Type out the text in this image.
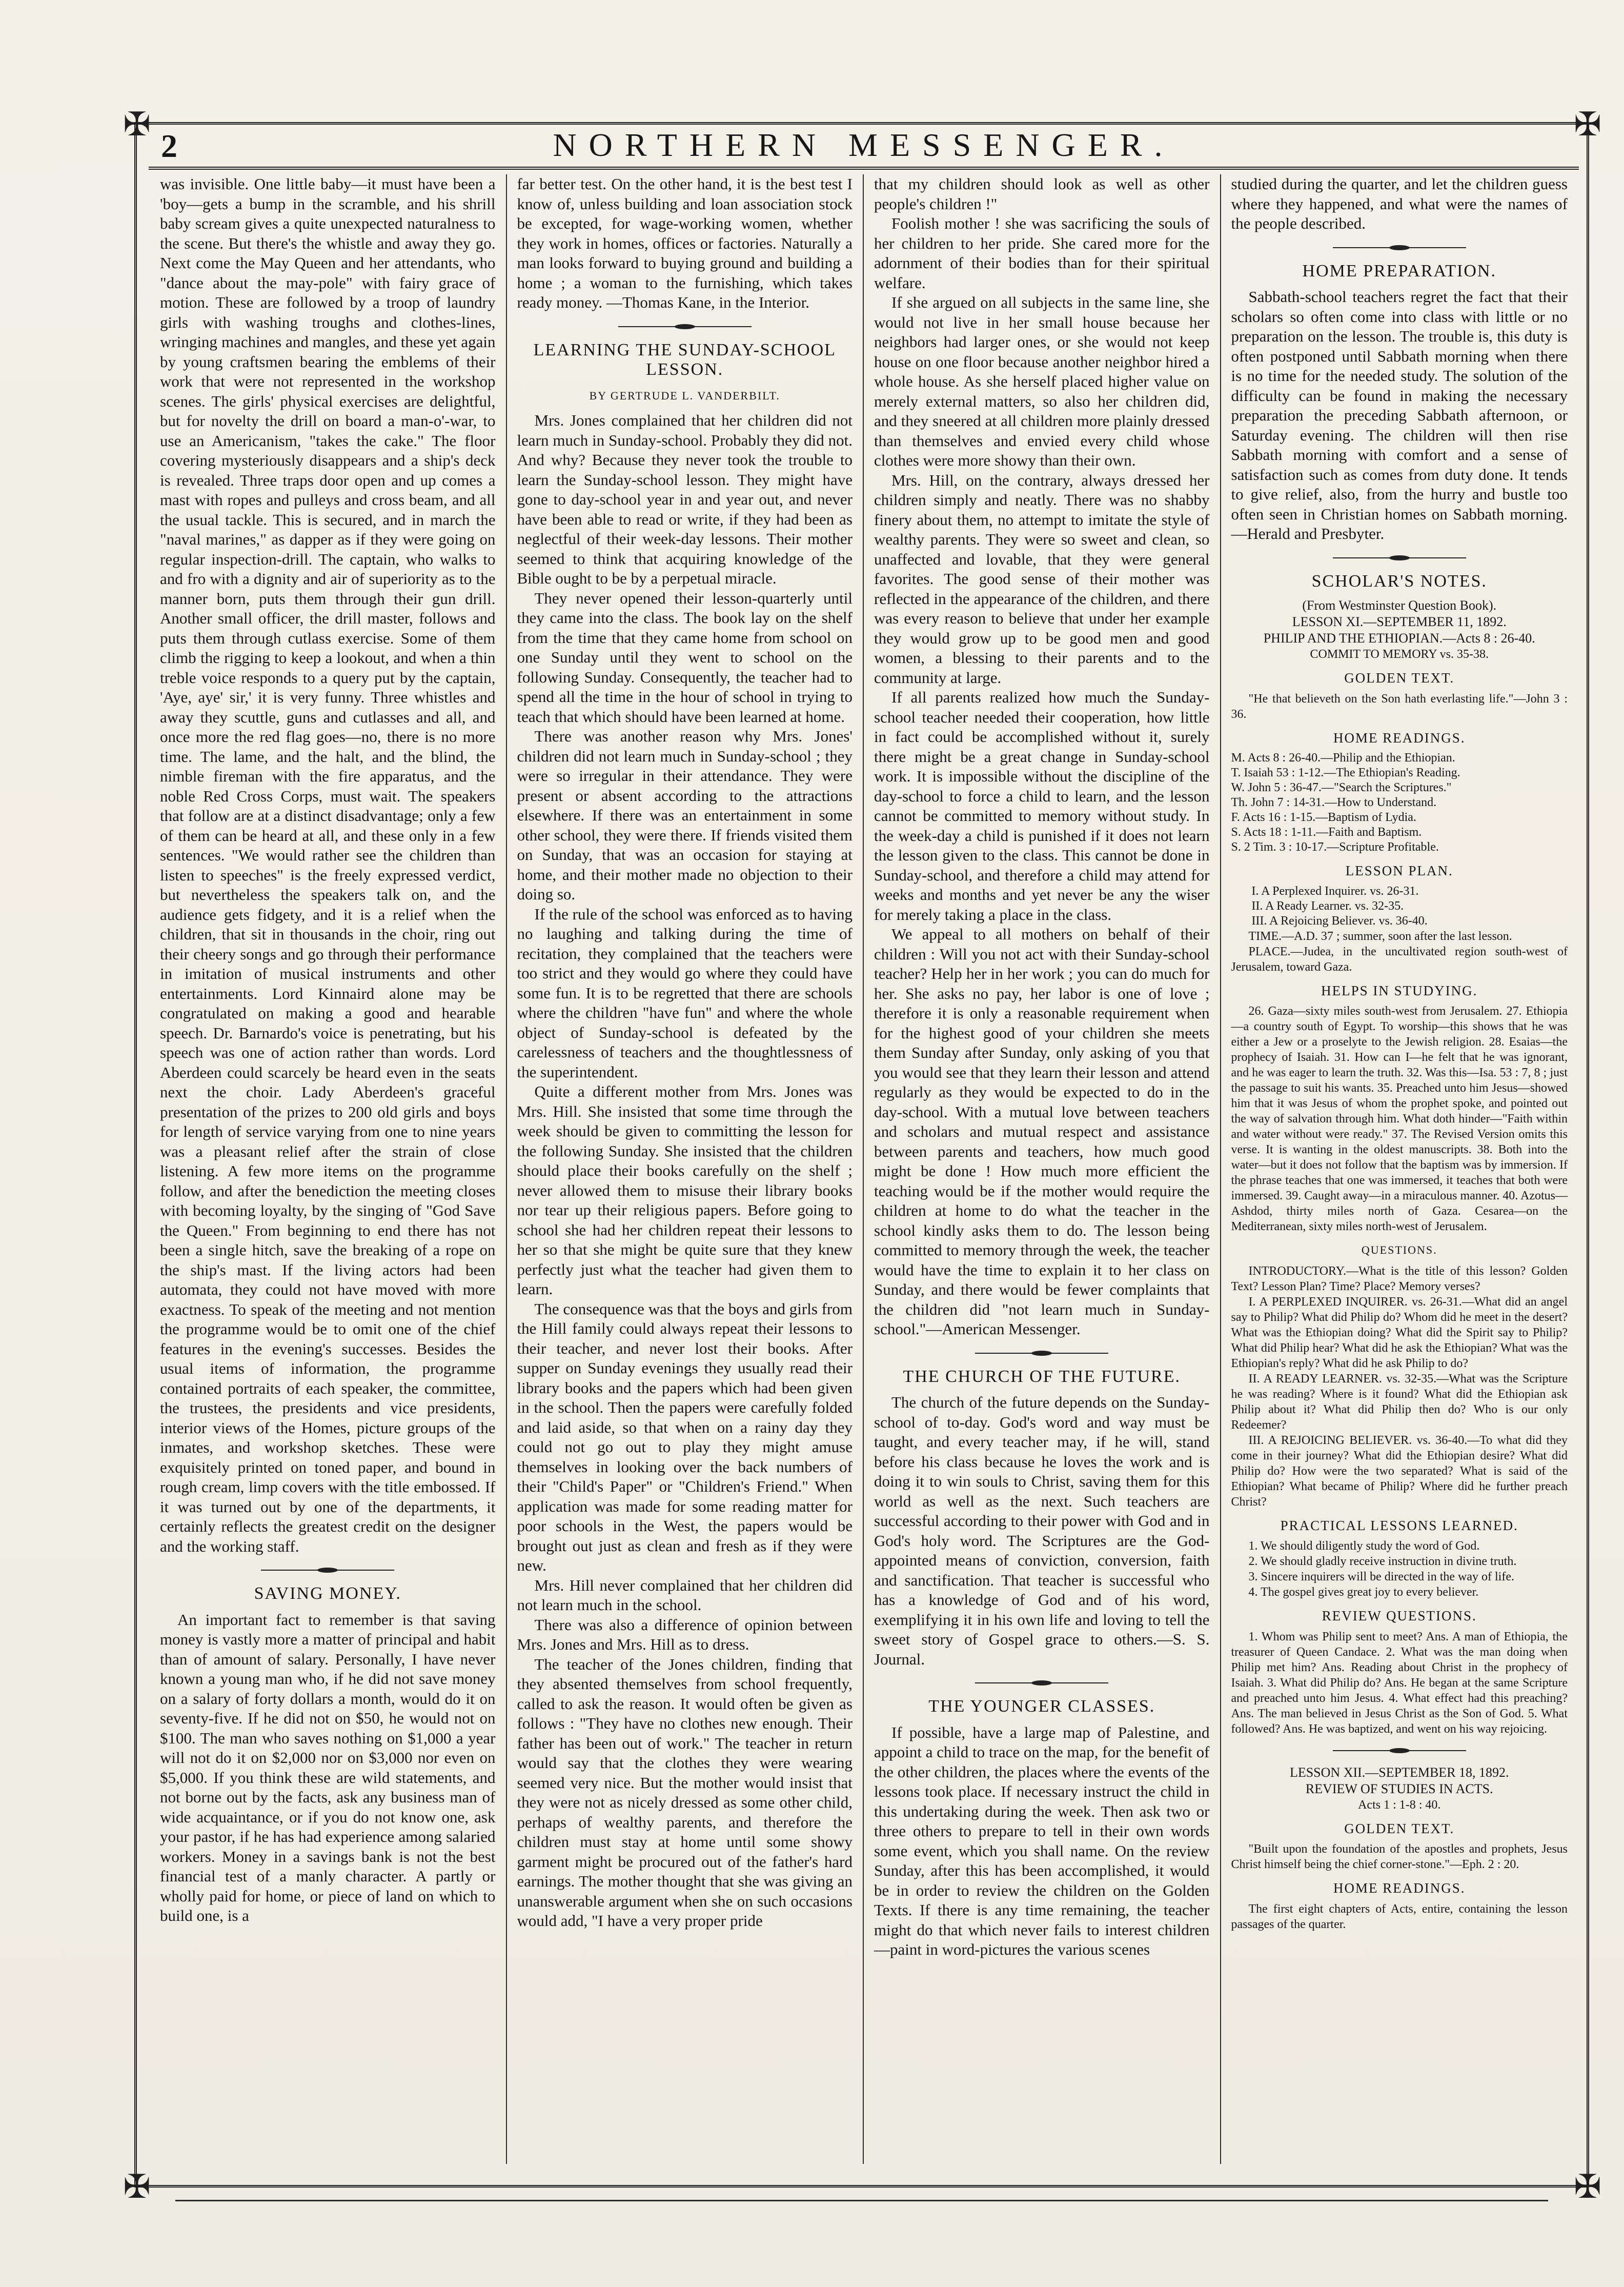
✠	✠
✠	✠
2	NORTHERN MESSENGER.

was invisible. One little baby—it must have been a 'boy—gets a bump in the scramble, and his shrill baby scream gives a quite unexpected naturalness to the scene. But there's the whistle and away they go. Next come the May Queen and her attendants, who "dance about the may-pole" with fairy grace of motion. These are followed by a troop of laundry girls with washing troughs and clothes-lines, wringing machines and mangles, and these yet again by young craftsmen bearing the emblems of their work that were not represented in the workshop scenes. The girls' physical exercises are delightful, but for novelty the drill on board a man-o'-war, to use an Americanism, "takes the cake." The floor covering mysteriously disappears and a ship's deck is revealed. Three traps door open and up comes a mast with ropes and pulleys and cross beam, and all the usual tackle. This is secured, and in march the "naval marines," as dapper as if they were going on regular inspection-drill. The captain, who walks to and fro with a dignity and air of superiority as to the manner born, puts them through their gun drill. Another small officer, the drill master, follows and puts them through cutlass exercise. Some of them climb the rigging to keep a lookout, and when a thin treble voice responds to a query put by the captain, 'Aye, aye' sir,' it is very funny. Three whistles and away they scuttle, guns and cutlasses and all, and once more the red flag goes—no, there is no more time. The lame, and the halt, and the blind, the nimble fireman with the fire apparatus, and the noble Red Cross Corps, must wait. The speakers that follow are at a distinct disadvantage; only a few of them can be heard at all, and these only in a few sentences. "We would rather see the children than listen to speeches" is the freely expressed verdict, but nevertheless the speakers talk on, and the audience gets fidgety, and it is a relief when the children, that sit in thousands in the choir, ring out their cheery songs and go through their performance in imitation of musical instruments and other entertainments. Lord Kinnaird alone may be congratulated on making a good and hearable speech. Dr. Barnardo's voice is penetrating, but his speech was one of action rather than words. Lord Aberdeen could scarcely be heard even in the seats next the choir. Lady Aberdeen's graceful presentation of the prizes to 200 old girls and boys for length of service varying from one to nine years was a pleasant relief after the strain of close listening. A few more items on the programme follow, and after the benediction the meeting closes with becoming loyalty, by the singing of "God Save the Queen." From beginning to end there has not been a single hitch, save the breaking of a rope on the ship's mast. If the living actors had been automata, they could not have moved with more exactness. To speak of the meeting and not mention the programme would be to omit one of the chief features in the evening's successes. Besides the usual items of information, the programme contained portraits of each speaker, the committee, the trustees, the presidents and vice presidents, interior views of the Homes, picture groups of the inmates, and workshop sketches. These were exquisitely printed on toned paper, and bound in rough cream, limp covers with the title embossed. If it was turned out by one of the departments, it certainly reflects the greatest credit on the designer and the working staff.

SAVING MONEY.

An important fact to remember is that saving money is vastly more a matter of principal and habit than of amount of salary. Personally, I have never known a young man who, if he did not save money on a salary of forty dollars a month, would do it on seventy-five. If he did not on $50, he would not on $100. The man who saves nothing on $1,000 a year will not do it on $2,000 nor on $3,000 nor even on $5,000. If you think these are wild statements, and not borne out by the facts, ask any business man of wide acquaintance, or if you do not know one, ask your pastor, if he has had experience among salaried workers. Money in a savings bank is not the best financial test of a manly character. A partly or wholly paid for home, or piece of land on which to build one, is a

far better test. On the other hand, it is the best test I know of, unless building and loan association stock be excepted, for wage-working women, whether they work in homes, offices or factories. Naturally a man looks forward to buying ground and building a home ; a woman to the furnishing, which takes ready money. —Thomas Kane, in the Interior.

LEARNING THE SUNDAY-SCHOOL LESSON.
BY GERTRUDE L. VANDERBILT.

Mrs. Jones complained that her children did not learn much in Sunday-school. Probably they did not. And why? Because they never took the trouble to learn the Sunday-school lesson. They might have gone to day-school year in and year out, and never have been able to read or write, if they had been as neglectful of their week-day lessons. Their mother seemed to think that acquiring knowledge of the Bible ought to be by a perpetual miracle.

They never opened their lesson-quarterly until they came into the class. The book lay on the shelf from the time that they came home from school on one Sunday until they went to school on the following Sunday. Consequently, the teacher had to spend all the time in the hour of school in trying to teach that which should have been learned at home.

There was another reason why Mrs. Jones' children did not learn much in Sunday-school ; they were so irregular in their attendance. They were present or absent according to the attractions elsewhere. If there was an entertainment in some other school, they were there. If friends visited them on Sunday, that was an occasion for staying at home, and their mother made no objection to their doing so.

If the rule of the school was enforced as to having no laughing and talking during the time of recitation, they complained that the teachers were too strict and they would go where they could have some fun. It is to be regretted that there are schools where the children "have fun" and where the whole object of Sunday-school is defeated by the carelessness of teachers and the thoughtlessness of the superintendent.

Quite a different mother from Mrs. Jones was Mrs. Hill. She insisted that some time through the week should be given to committing the lesson for the following Sunday. She insisted that the children should place their books carefully on the shelf ; never allowed them to misuse their library books nor tear up their religious papers. Before going to school she had her children repeat their lessons to her so that she might be quite sure that they knew perfectly just what the teacher had given them to learn.

The consequence was that the boys and girls from the Hill family could always repeat their lessons to their teacher, and never lost their books. After supper on Sunday evenings they usually read their library books and the papers which had been given in the school. Then the papers were carefully folded and laid aside, so that when on a rainy day they could not go out to play they might amuse themselves in looking over the back numbers of their "Child's Paper" or "Children's Friend." When application was made for some reading matter for poor schools in the West, the papers would be brought out just as clean and fresh as if they were new.

Mrs. Hill never complained that her children did not learn much in the school.

There was also a difference of opinion between Mrs. Jones and Mrs. Hill as to dress.

The teacher of the Jones children, finding that they absented themselves from school frequently, called to ask the reason. It would often be given as follows : "They have no clothes new enough. Their father has been out of work." The teacher in return would say that the clothes they were wearing seemed very nice. But the mother would insist that they were not as nicely dressed as some other child, perhaps of wealthy parents, and therefore the children must stay at home until some showy garment might be procured out of the father's hard earnings. The mother thought that she was giving an unanswerable argument when she on such occasions would add, "I have a very proper pride

that my children should look as well as other people's children !"

Foolish mother ! she was sacrificing the souls of her children to her pride. She cared more for the adornment of their bodies than for their spiritual welfare.

If she argued on all subjects in the same line, she would not live in her small house because her neighbors had larger ones, or she would not keep house on one floor because another neighbor hired a whole house. As she herself placed higher value on merely external matters, so also her children did, and they sneered at all children more plainly dressed than themselves and envied every child whose clothes were more showy than their own.

Mrs. Hill, on the contrary, always dressed her children simply and neatly. There was no shabby finery about them, no attempt to imitate the style of wealthy parents. They were so sweet and clean, so unaffected and lovable, that they were general favorites. The good sense of their mother was reflected in the appearance of the children, and there was every reason to believe that under her example they would grow up to be good men and good women, a blessing to their parents and to the community at large.

If all parents realized how much the Sunday-school teacher needed their cooperation, how little in fact could be accomplished without it, surely there might be a great change in Sunday-school work. It is impossible without the discipline of the day-school to force a child to learn, and the lesson cannot be committed to memory without study. In the week-day a child is punished if it does not learn the lesson given to the class. This cannot be done in Sunday-school, and therefore a child may attend for weeks and months and yet never be any the wiser for merely taking a place in the class.

We appeal to all mothers on behalf of their children : Will you not act with their Sunday-school teacher? Help her in her work ; you can do much for her. She asks no pay, her labor is one of love ; therefore it is only a reasonable requirement when for the highest good of your children she meets them Sunday after Sunday, only asking of you that you would see that they learn their lesson and attend regularly as they would be expected to do in the day-school. With a mutual love between teachers and scholars and mutual respect and assistance between parents and teachers, how much good might be done ! How much more efficient the teaching would be if the mother would require the children at home to do what the teacher in the school kindly asks them to do. The lesson being committed to memory through the week, the teacher would have the time to explain it to her class on Sunday, and there would be fewer complaints that the children did "not learn much in Sunday-school."—American Messenger.

THE CHURCH OF THE FUTURE.

The church of the future depends on the Sunday-school of to-day. God's word and way must be taught, and every teacher may, if he will, stand before his class because he loves the work and is doing it to win souls to Christ, saving them for this world as well as the next. Such teachers are successful according to their power with God and in God's holy word. The Scriptures are the God-appointed means of conviction, conversion, faith and sanctification. That teacher is successful who has a knowledge of God and of his word, exemplifying it in his own life and loving to tell the sweet story of Gospel grace to others.—S. S. Journal.

THE YOUNGER CLASSES.

If possible, have a large map of Palestine, and appoint a child to trace on the map, for the benefit of the other children, the places where the events of the lessons took place. If necessary instruct the child in this undertaking during the week. Then ask two or three others to prepare to tell in their own words some event, which you shall name. On the review Sunday, after this has been accomplished, it would be in order to review the children on the Golden Texts. If there is any time remaining, the teacher might do that which never fails to interest children —paint in word-pictures the various scenes

studied during the quarter, and let the children guess where they happened, and what were the names of the people described.

HOME PREPARATION.

Sabbath-school teachers regret the fact that their scholars so often come into class with little or no preparation on the lesson. The trouble is, this duty is often postponed until Sabbath morning when there is no time for the needed study. The solution of the difficulty can be found in making the necessary preparation the preceding Sabbath afternoon, or Saturday evening. The children will then rise Sabbath morning with comfort and a sense of satisfaction such as comes from duty done. It tends to give relief, also, from the hurry and bustle too often seen in Christian homes on Sabbath morning.—Herald and Presbyter.

SCHOLAR'S NOTES.

(From Westminster Question Book).

LESSON XI.—SEPTEMBER 11, 1892.

PHILIP AND THE ETHIOPIAN.—Acts 8 : 26-40.

COMMIT TO MEMORY vs. 35-38.

GOLDEN TEXT.

"He that believeth on the Son hath everlasting life."—John 3 : 36.

HOME READINGS.

M. Acts 8 : 26-40.—Philip and the Ethiopian.

T. Isaiah 53 : 1-12.—The Ethiopian's Reading.

W. John 5 : 36-47.—"Search the Scriptures."

Th. John 7 : 14-31.—How to Understand.

F. Acts 16 : 1-15.—Baptism of Lydia.

S. Acts 18 : 1-11.—Faith and Baptism.

S. 2 Tim. 3 : 10-17.—Scripture Profitable.

LESSON PLAN.

I. A Perplexed Inquirer. vs. 26-31.

II. A Ready Learner. vs. 32-35.

III. A Rejoicing Believer. vs. 36-40.

TIME.—A.D. 37 ; summer, soon after the last lesson.

PLACE.—Judea, in the uncultivated region south-west of Jerusalem, toward Gaza.

HELPS IN STUDYING.

26. Gaza—sixty miles south-west from Jerusalem. 27. Ethiopia—a country south of Egypt. To worship—this shows that he was either a Jew or a proselyte to the Jewish religion. 28. Esaias—the prophecy of Isaiah. 31. How can I—he felt that he was ignorant, and he was eager to learn the truth. 32. Was this—Isa. 53 : 7, 8 ; just the passage to suit his wants. 35. Preached unto him Jesus—showed him that it was Jesus of whom the prophet spoke, and pointed out the way of salvation through him. What doth hinder—"Faith within and water without were ready." 37. The Revised Version omits this verse. It is wanting in the oldest manuscripts. 38. Both into the water—but it does not follow that the baptism was by immersion. If the phrase teaches that one was immersed, it teaches that both were immersed. 39. Caught away—in a miraculous manner. 40. Azotus—Ashdod, thirty miles north of Gaza. Cesarea—on the Mediterranean, sixty miles north-west of Jerusalem.

QUESTIONS.

INTRODUCTORY.—What is the title of this lesson? Golden Text? Lesson Plan? Time? Place? Memory verses?

I. A PERPLEXED INQUIRER. vs. 26-31.—What did an angel say to Philip? What did Philip do? Whom did he meet in the desert? What was the Ethiopian doing? What did the Spirit say to Philip? What did Philip hear? What did he ask the Ethiopian? What was the Ethiopian's reply? What did he ask Philip to do?

II. A READY LEARNER. vs. 32-35.—What was the Scripture he was reading? Where is it found? What did the Ethiopian ask Philip about it? What did Philip then do? Who is our only Redeemer?

III. A REJOICING BELIEVER. vs. 36-40.—To what did they come in their journey? What did the Ethiopian desire? What did Philip do? How were the two separated? What is said of the Ethiopian? What became of Philip? Where did he further preach Christ?

PRACTICAL LESSONS LEARNED.

1. We should diligently study the word of God.

2. We should gladly receive instruction in divine truth.

3. Sincere inquirers will be directed in the way of life.

4. The gospel gives great joy to every believer.

REVIEW QUESTIONS.

1. Whom was Philip sent to meet? Ans. A man of Ethiopia, the treasurer of Queen Candace. 2. What was the man doing when Philip met him? Ans. Reading about Christ in the prophecy of Isaiah. 3. What did Philip do? Ans. He began at the same Scripture and preached unto him Jesus. 4. What effect had this preaching? Ans. The man believed in Jesus Christ as the Son of God. 5. What followed? Ans. He was baptized, and went on his way rejoicing.

LESSON XII.—SEPTEMBER 18, 1892.

REVIEW OF STUDIES IN ACTS.

Acts 1 : 1-8 : 40.

GOLDEN TEXT.

"Built upon the foundation of the apostles and prophets, Jesus Christ himself being the chief corner-stone."—Eph. 2 : 20.

HOME READINGS.

The first eight chapters of Acts, entire, containing the lesson passages of the quarter.
